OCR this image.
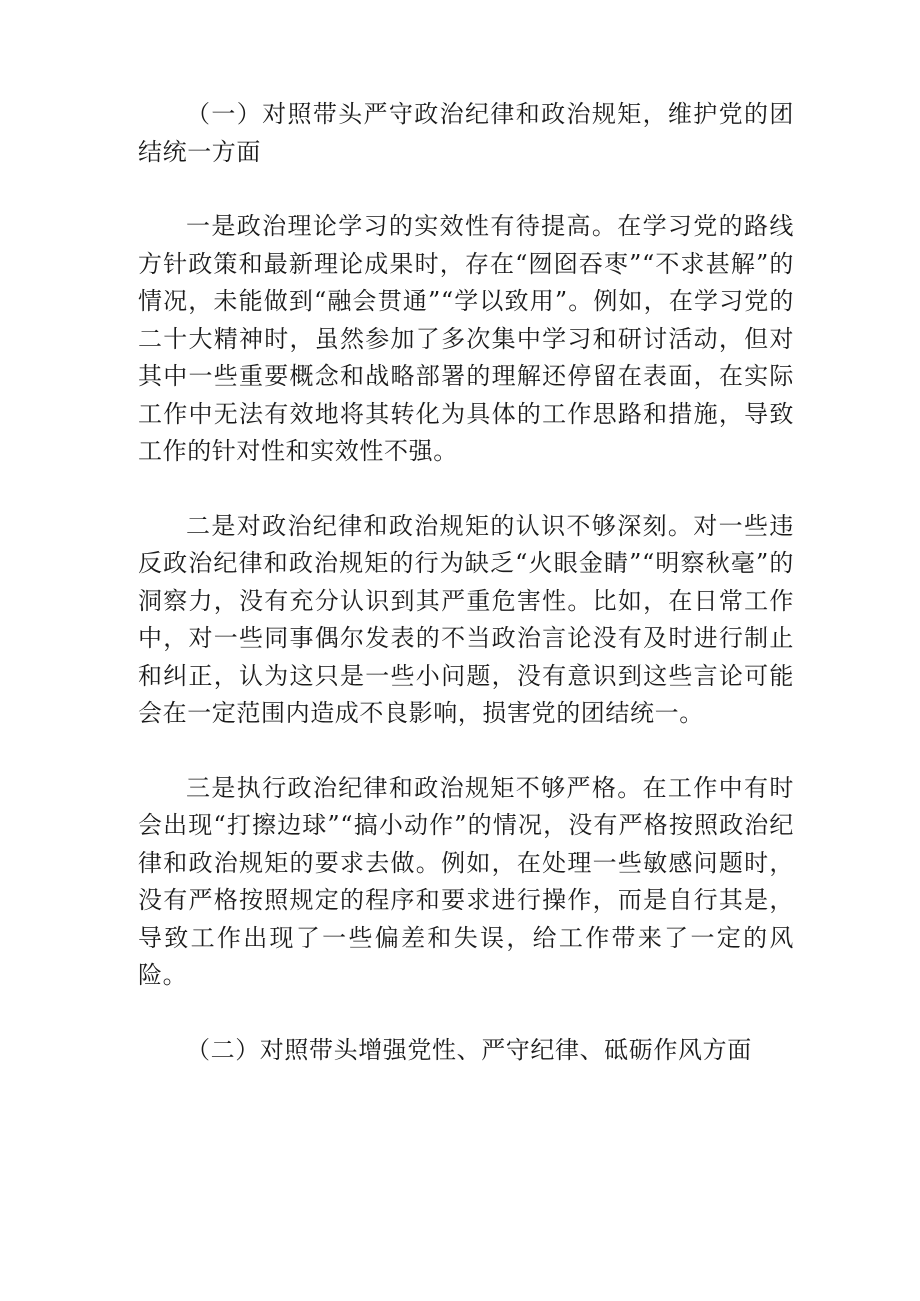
（一）对照带头严守政治纪律和政治规矩，维护党的团结统一方面

一是政治理论学习的实效性有待提高。在学习党的路线方针政策和最新理论成果时，存在“囫囵吞枣”“不求甚解”的情况，未能做到“融会贯通”“学以致用”。例如，在学习党的二十大精神时，虽然参加了多次集中学习和研讨活动，但对其中一些重要概念和战略部署的理解还停留在表面，在实际工作中无法有效地将其转化为具体的工作思路和措施，导致工作的针对性和实效性不强。

二是对政治纪律和政治规矩的认识不够深刻。对一些违反政治纪律和政治规矩的行为缺乏“火眼金睛”“明察秋毫”的洞察力，没有充分认识到其严重危害性。比如，在日常工作中，对一些同事偶尔发表的不当政治言论没有及时进行制止和纠正，认为这只是一些小问题，没有意识到这些言论可能会在一定范围内造成不良影响，损害党的团结统一。

三是执行政治纪律和政治规矩不够严格。在工作中有时会出现“打擦边球”“搞小动作”的情况，没有严格按照政治纪律和政治规矩的要求去做。例如，在处理一些敏感问题时，没有严格按照规定的程序和要求进行操作，而是自行其是，导致工作出现了一些偏差和失误，给工作带来了一定的风险。

（二）对照带头增强党性、严守纪律、砥砺作风方面
